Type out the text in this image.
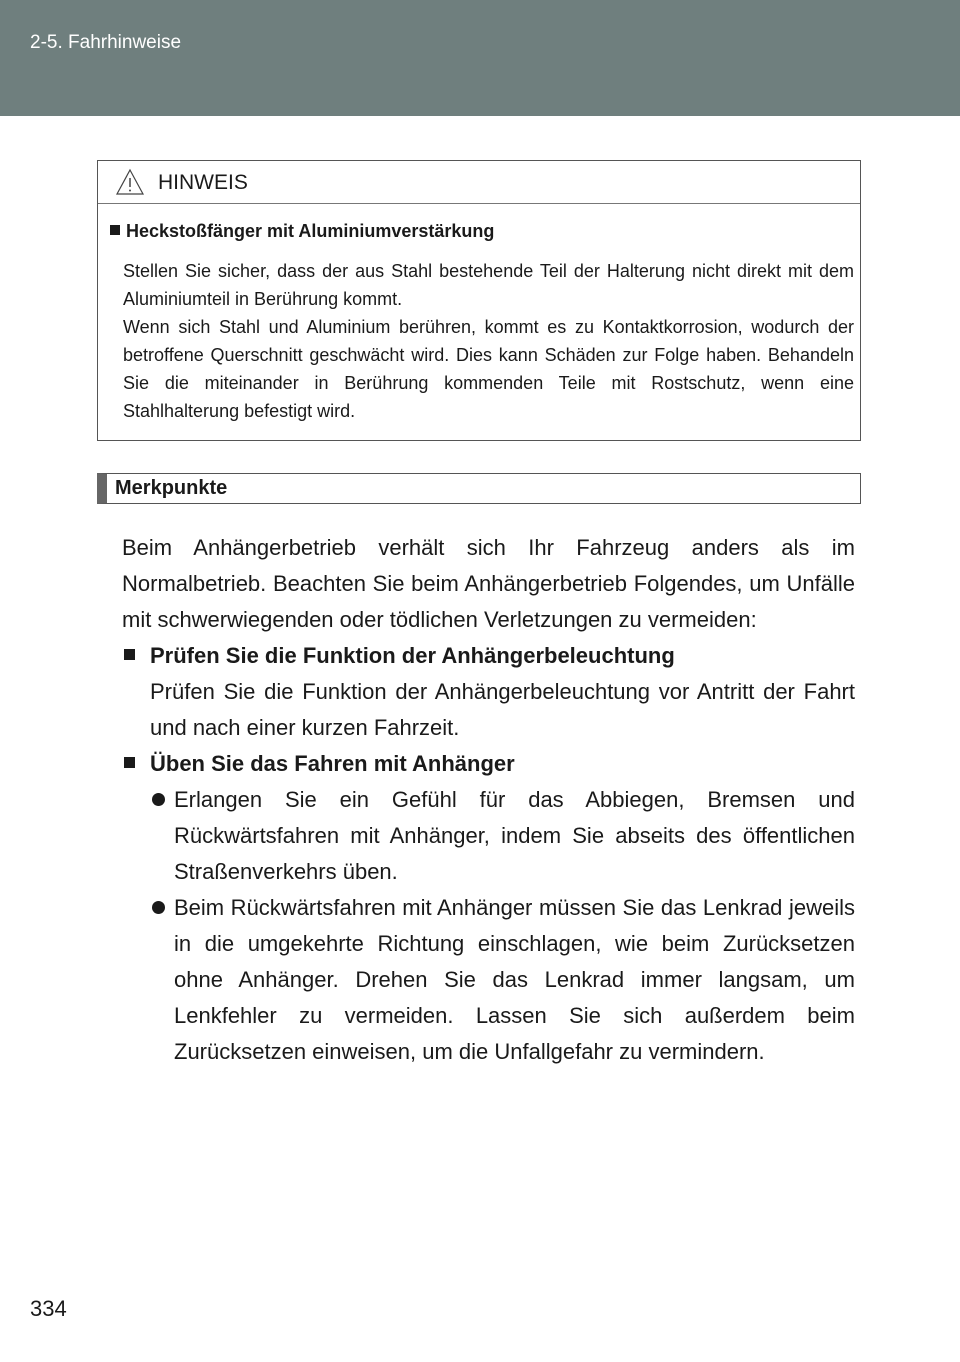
2-5. Fahrhinweise
HINWEIS
Heckstoßfänger mit Aluminiumverstärkung

Stellen Sie sicher, dass der aus Stahl bestehende Teil der Halterung nicht direkt mit dem Aluminiumteil in Berührung kommt.

Wenn sich Stahl und Aluminium berühren, kommt es zu Kontaktkorrosion, wodurch der betroffene Querschnitt geschwächt wird. Dies kann Schäden zur Folge haben. Behandeln Sie die miteinander in Berührung kommenden Teile mit Rostschutz, wenn eine Stahlhalterung befestigt wird.

Merkpunkte

Beim Anhängerbetrieb verhält sich Ihr Fahrzeug anders als im Normalbetrieb. Beachten Sie beim Anhängerbetrieb Folgendes, um Unfälle mit schwerwiegenden oder tödlichen Verletzungen zu vermeiden:

Prüfen Sie die Funktion der Anhängerbeleuchtung

Prüfen Sie die Funktion der Anhängerbeleuchtung vor Antritt der Fahrt und nach einer kurzen Fahrzeit.

Üben Sie das Fahren mit Anhänger

Erlangen Sie ein Gefühl für das Abbiegen, Bremsen und Rückwärtsfahren mit Anhänger, indem Sie abseits des öffentlichen Straßenverkehrs üben.

Beim Rückwärtsfahren mit Anhänger müssen Sie das Lenkrad jeweils in die umgekehrte Richtung einschlagen, wie beim Zurücksetzen ohne Anhänger. Drehen Sie das Lenkrad immer langsam, um Lenkfehler zu vermeiden. Lassen Sie sich außerdem beim Zurücksetzen einweisen, um die Unfallgefahr zu vermindern.

334
